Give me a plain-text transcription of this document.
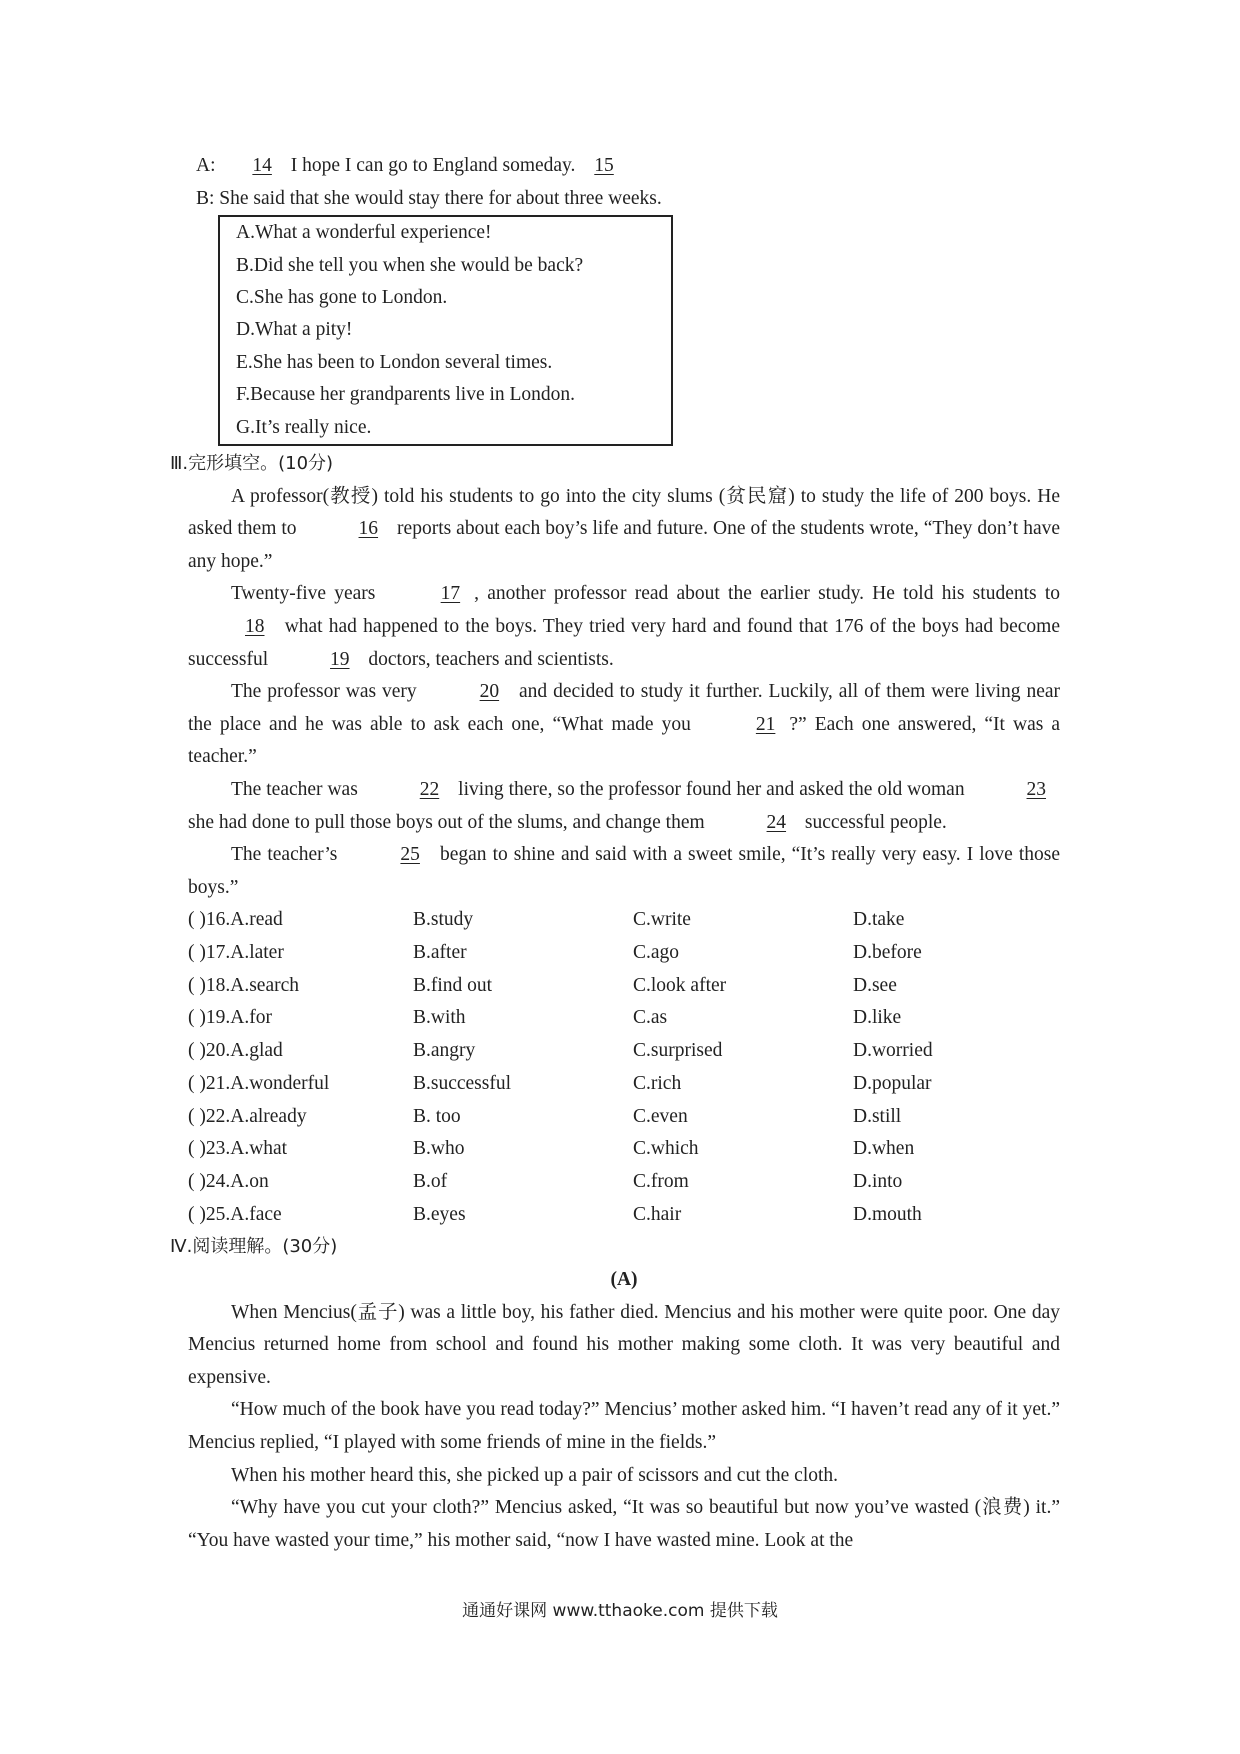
A: 14 I hope I can go to England someday. 15
B: She said that she would stay there for about three weeks.
A.What a wonderful experience!
B.Did she tell you when she would be back?
C.She has gone to London.
D.What a pity!
E.She has been to London several times.
F.Because her grandparents live in London.
G.It’s really nice.
Ⅲ.完形填空。(10分)
A professor(教授) told his students to go into the city slums (贫民窟) to study the life of 200 boys. He asked them to	16 reports about each boy’s life and future. One of the students wrote, “They don’t have any hope.”
Twenty-five years	17 , another professor read about the earlier study. He told his students to 18 what had happened to the boys. They tried very hard and found that 176 of the boys had become successful	19 doctors, teachers and scientists.
The professor was very	20 and decided to study it further. Luckily, all of them were living near the place and he was able to ask each one, “What made you	21 ?” Each one answered, “It was a teacher.”
The teacher was	22 living there, so the professor found her and asked the old woman	23 she had done to pull those boys out of the slums, and change them	24 successful people.
The teacher’s	25 began to shine and said with a sweet smile, “It’s really very easy. I love those boys.”
( )16.A.read	B.study	C.write	D.take
( )17.A.later	B.after	C.ago	D.before
( )18.A.search	B.find out	C.look after	D.see
( )19.A.for	B.with	C.as	D.like
( )20.A.glad	B.angry	C.surprised	D.worried
( )21.A.wonderful	B.successful	C.rich	D.popular
( )22.A.already	B. too	C.even	D.still
( )23.A.what	B.who	C.which	D.when
( )24.A.on	B.of	C.from	D.into
( )25.A.face	B.eyes	C.hair	D.mouth
Ⅳ.阅读理解。(30分)
(A)
When Mencius(孟子) was a little boy, his father died. Mencius and his mother were quite poor. One day Mencius returned home from school and found his mother making some cloth. It was very beautiful and expensive.
“How much of the book have you read today?” Mencius’ mother asked him. “I haven’t read any of it yet.” Mencius replied, “I played with some friends of mine in the fields.”
When his mother heard this, she picked up a pair of scissors and cut the cloth.
“Why have you cut your cloth?” Mencius asked, “It was so beautiful but now you’ve wasted (浪费) it.” “You have wasted your time,” his mother said, “now I have wasted mine. Look at the
通通好课网 www.tthaoke.com 提供下载
